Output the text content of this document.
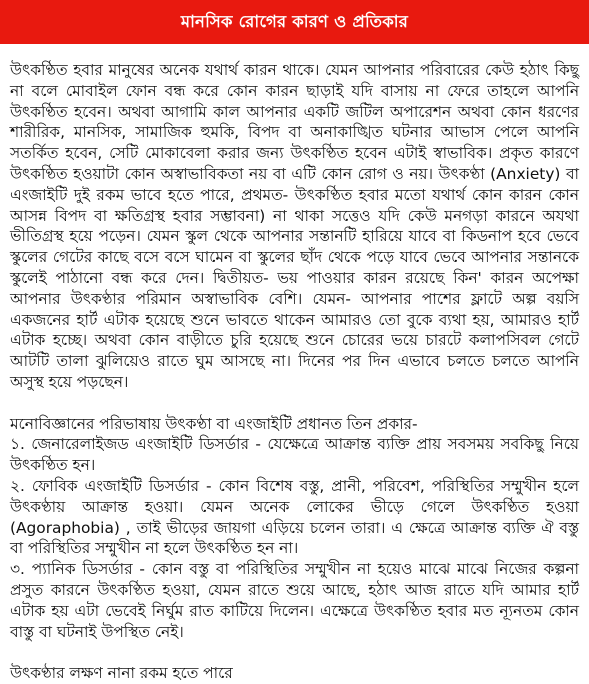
মানসিক রোগের কারণ ও প্রতিকার

উৎকণ্ঠিত হবার মানুষের অনেক যথার্থ কারন থাকে। যেমন আপনার পরিবারের কেউ হঠাৎ কিছু না বলে মোবাইল ফোন বন্ধ করে কোন কারন ছাড়াই যদি বাসায় না ফেরে তাহলে আপনি উৎকণ্ঠিত হবেন। অথবা আগামি কাল আপনার একটি জটিল অপারেশন অথবা কোন ধরণের শারীরিক, মানসিক, সামাজিক হুমকি, বিপদ বা অনাকাঙ্খিত ঘটনার আভাস পেলে আপনি সতর্কিত হবেন, সেটি মোকাবেলা করার জন্য উৎকণ্ঠিত হবেন এটাই স্বাভাবিক। প্রকৃত কারণে উৎকণ্ঠিত হওয়াটা কোন অস্বাভাবিকতা নয় বা এটি কোন রোগ ও নয়। উৎকণ্ঠা (Anxiety) বা এংজাইটি দুই রকম ভাবে হতে পারে, প্রথমত- উৎকণ্ঠিত হবার মতো যথার্থ কোন কারন কোন আসন্ন বিপদ বা ক্ষতিগ্রস্থ হবার সম্ভাবনা) না থাকা সত্তেও যদি কেউ মনগড়া কারনে অযথা ভীতিগ্রস্থ হয়ে পড়েন। যেমন স্কুল থেকে আপনার সন্তানটি হারিয়ে যাবে বা কিডনাপ হবে ভেবে স্কুলের গেটের কাছে বসে বসে ঘামেন বা স্কুলের ছাঁদ থেকে পড়ে যাবে ভেবে আপনার সন্তানকে স্কুলেই পাঠানো বন্ধ করে দেন। দ্বিতীয়ত- ভয় পাওয়ার কারন রয়েছে কিন' কারন অপেক্ষা আপনার উৎকণ্ঠার পরিমান অস্বাভাবিক বেশি। যেমন- আপনার পাশের ফ্লাটে অল্প বয়সি একজনের হার্ট এটাক হয়েছে শুনে ভাবতে থাকেন আমারও তো বুকে ব্যথা হয়, আমারও হার্ট এটাক হচ্ছে। অথবা কোন বাড়ীতে চুরি হয়েছে শুনে চোরের ভয়ে চারটে কলাপসিবল গেটে আটটি তালা ঝুলিয়েও রাতে ঘুম আসছে না। দিনের পর দিন এভাবে চলতে চলতে আপনি অসুস্থ হয়ে পড়ছেন।

মনোবিজ্ঞানের পরিভাষায় উৎকণ্ঠা বা এংজাইটি প্রধানত তিন প্রকার-

১. জেনারেলাইজড এংজাইটি ডিসর্ডার - যেক্ষেত্রে আক্রান্ত ব্যক্তি প্রায় সবসময় সবকিছু নিয়ে উৎকণ্ঠিত হন।

২. ফোবিক এংজাইটি ডিসর্ডার - কোন বিশেষ বস্তু, প্রানী, পরিবেশ, পরিস্থিতির সম্মুখীন হলে উৎকণ্ঠায় আক্রান্ত হওয়া। যেমন অনেক লোকের ভীড়ে গেলে উৎকণ্ঠিত হওয়া (Agoraphobia) , তাই ভীড়ের জায়গা এড়িয়ে চলেন তারা। এ ক্ষেত্রে আক্রান্ত ব্যক্তি ঐ বস্তু বা পরিস্থিতির সম্মুখীন না হলে উৎকণ্ঠিত হন না।

৩. প্যানিক ডিসর্ডার - কোন বস্তু বা পরিস্থিতির সম্মুখীন না হয়েও মাঝে মাঝে নিজের কল্পনা প্রসুত কারনে উৎকণ্ঠিত হওয়া, যেমন রাতে শুয়ে আছে, হঠাৎ আজ রাতে যদি আমার হার্ট এটাক হয় এটা ভেবেই নির্ঘুম রাত কাটিয়ে দিলেন। এক্ষেত্রে উৎকণ্ঠিত হবার মত ন্যূনতম কোন বাস্তু বা ঘটনাই উপস্থিত নেই।

উৎকণ্ঠার লক্ষণ নানা রকম হতে পারে
